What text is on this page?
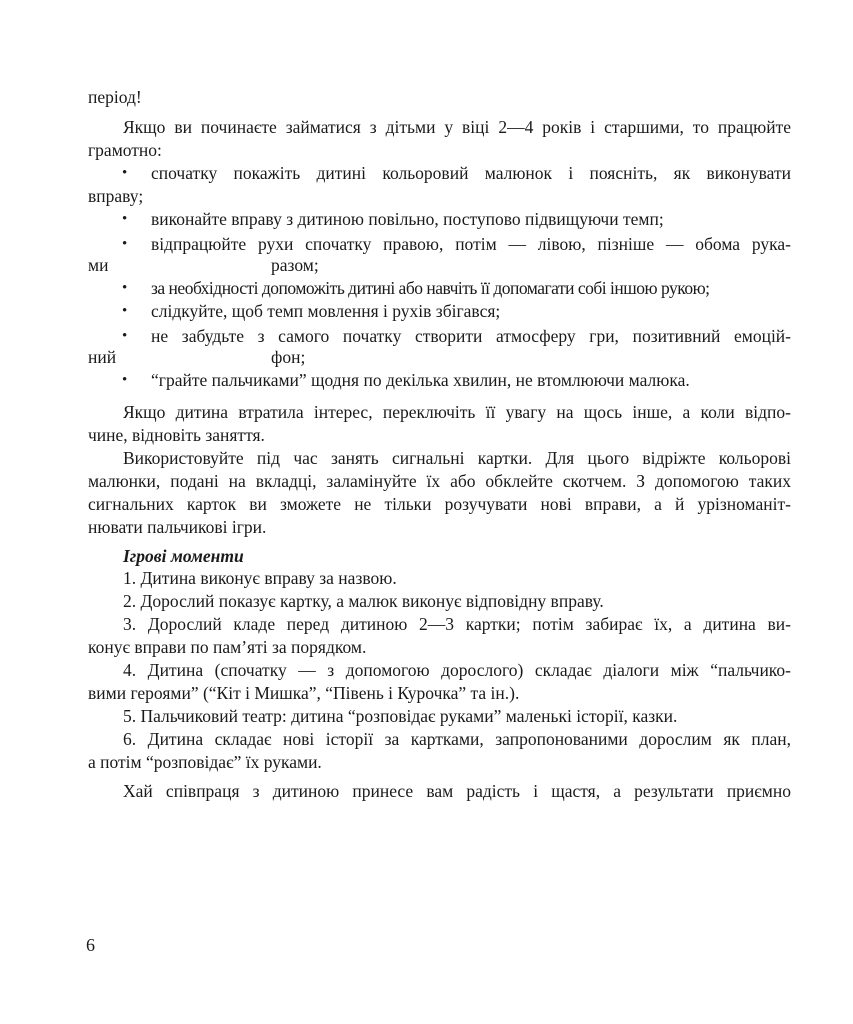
період!
Якщо ви починаєте займатися з дітьми у віці 2—4 років і старшими, то працюйте
грамотно:
• спочатку покажіть дитині кольоровий малюнок і поясніть, як виконувати
вправу;
• виконайте вправу з дитиною повільно, поступово підвищуючи темп;
• відпрацюйте рухи спочатку правою, потім — лівою, пізніше — обома рука-
ми	разом;
• за необхідності допоможіть дитині або навчіть її допомагати собі іншою рукою;
• слідкуйте, щоб темп мовлення і рухів збігався;
• не забудьте з самого початку створити атмосферу гри, позитивний емоцій-
ний	фон;
• “грайте пальчиками” щодня по декілька хвилин, не втомлюючи малюка.
Якщо дитина втратила інтерес, переключіть її увагу на щось інше, а коли відпо-
чине, відновіть заняття.
Використовуйте під час занять сигнальні картки. Для цього відріжте кольорові
малюнки, подані на вкладці, заламінуйте їх або обклейте скотчем. З допомогою таких
сигнальних карток ви зможете не тільки розучувати нові вправи, а й урізноманіт-
нювати пальчикові ігри.
Ігрові моменти
1. Дитина виконує вправу за назвою.
2. Дорослий показує картку, а малюк виконує відповідну вправу.
3. Дорослий кладе перед дитиною 2—3 картки; потім забирає їх, а дитина ви-
конує вправи по пам’яті за порядком.
4. Дитина (спочатку — з допомогою дорослого) складає діалоги між “пальчико-
вими героями” (“Кіт і Мишка”, “Півень і Курочка” та ін.).
5. Пальчиковий театр: дитина “розповідає руками” маленькі історії, казки.
6. Дитина складає нові історії за картками, запропонованими дорослим як план,
а потім “розповідає” їх руками.
Хай співпраця з дитиною принесе вам радість і щастя, а результати приємно
6
